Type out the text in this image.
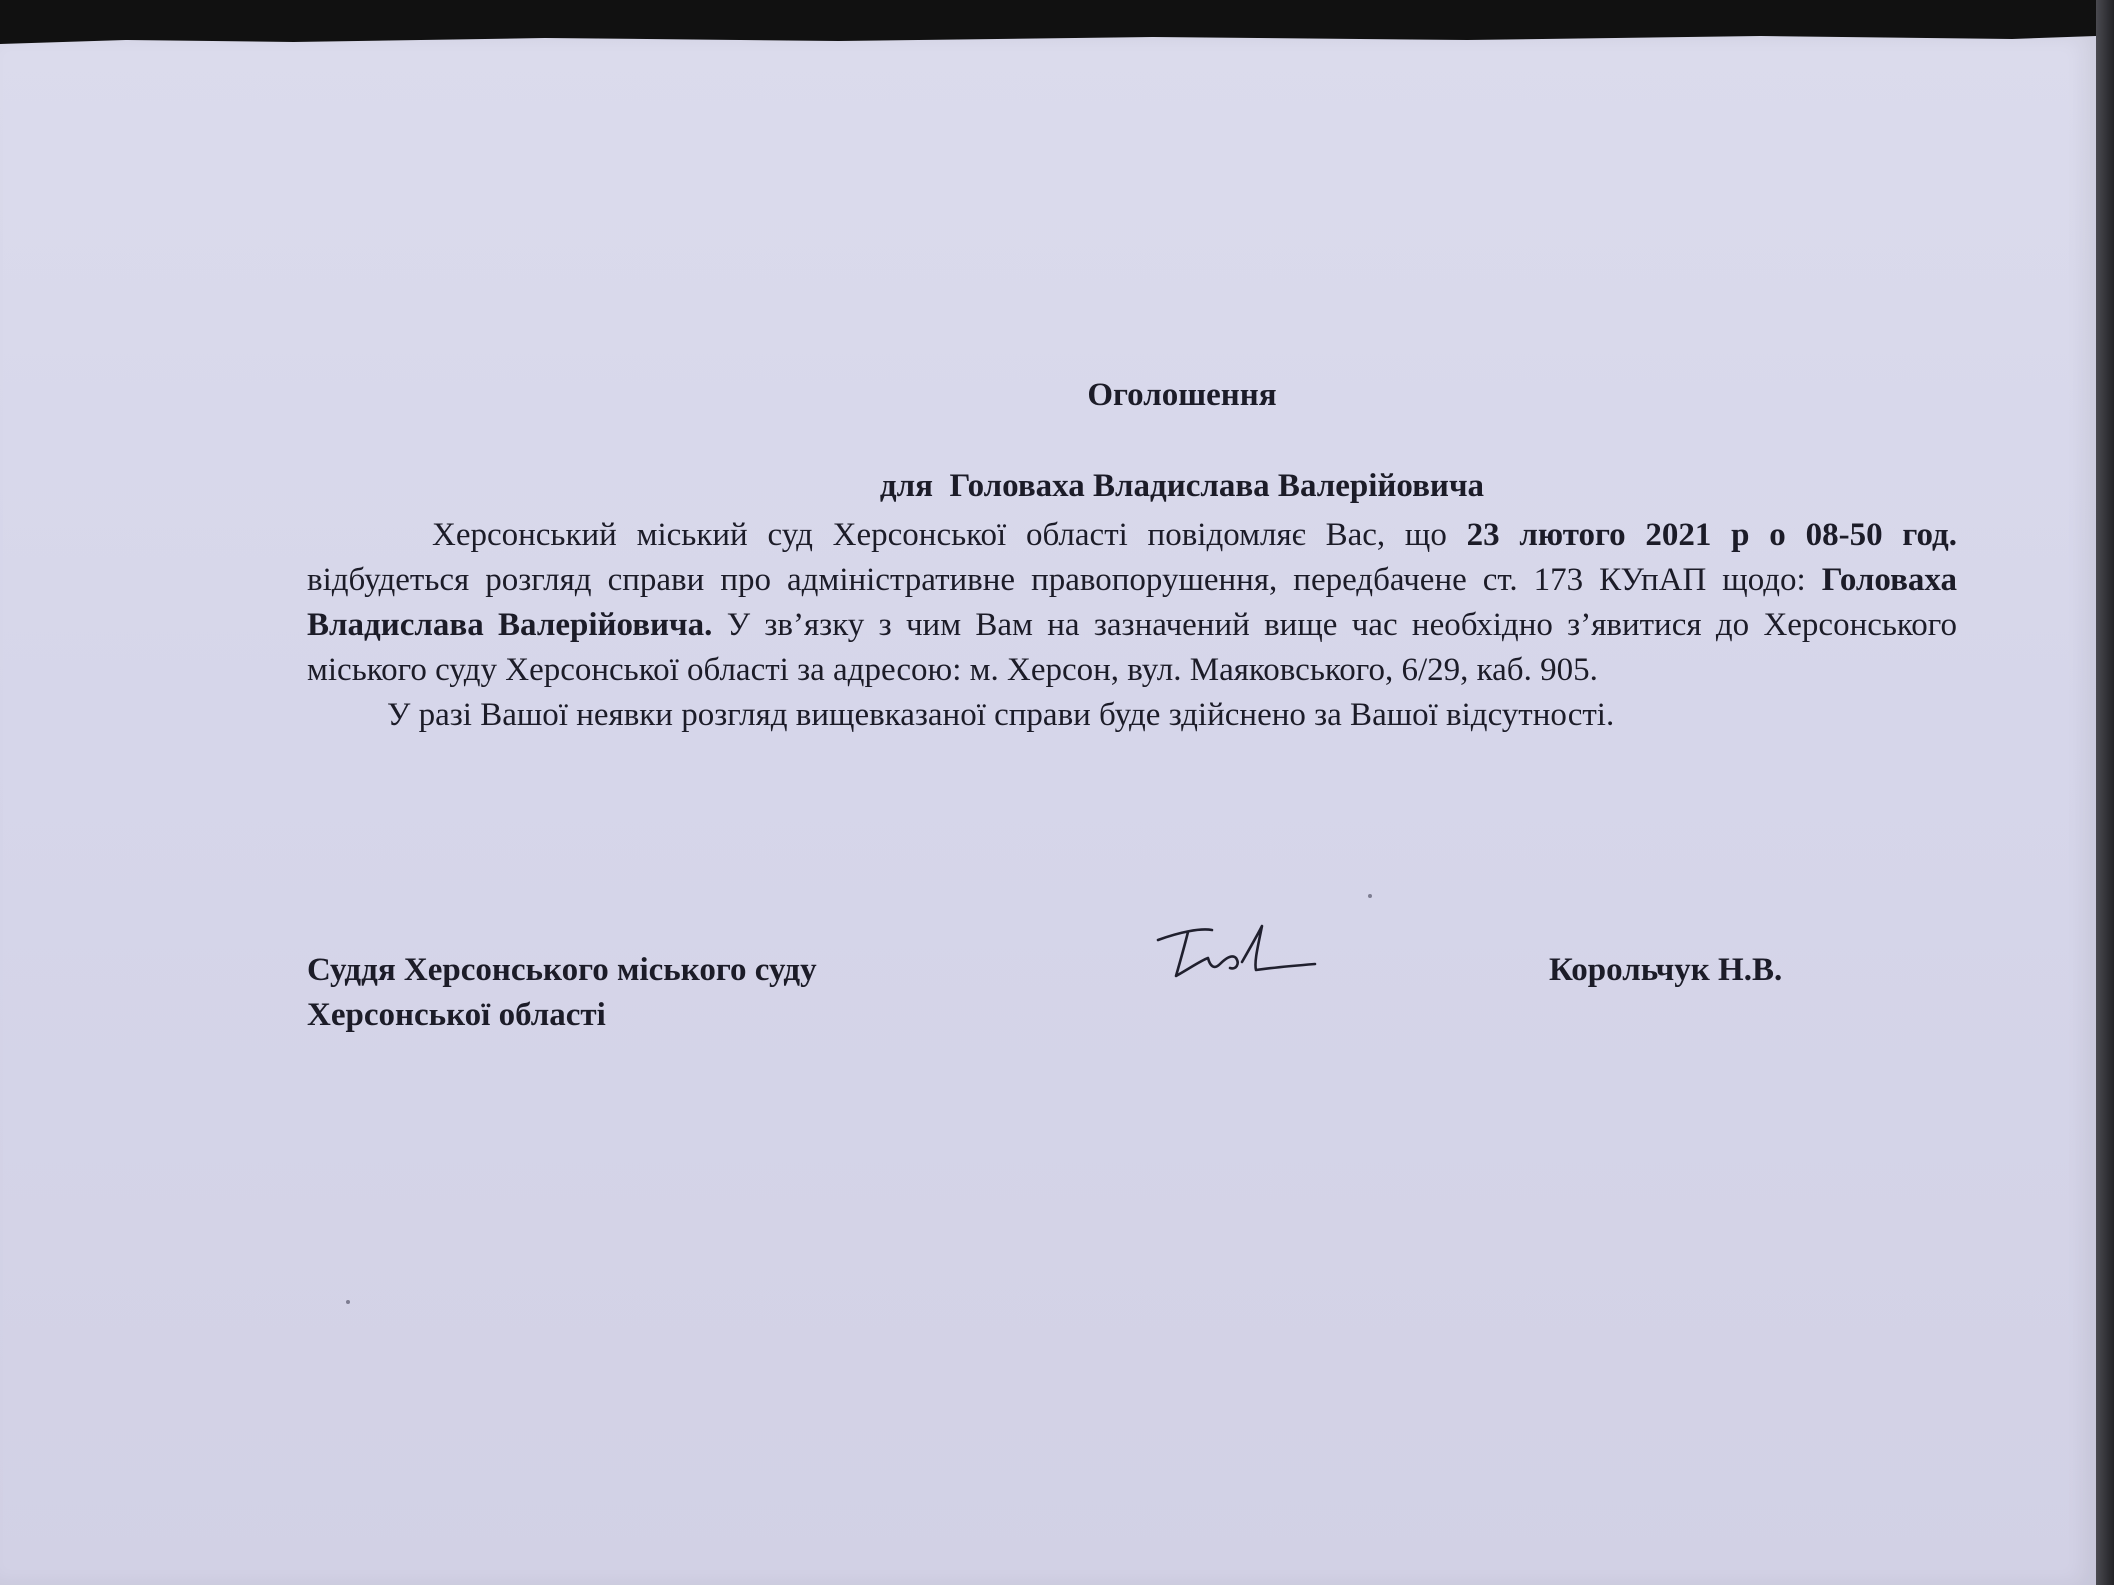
Оголошення
для  Головаха Владислава Валерійовича

Херсонський міський суд Херсонської області повідомляє Вас, що 23 лютого 2021 р о 08-50 год. відбудеться розгляд справи про адміністративне правопорушення, передбачене ст. 173 КУпАП щодо: Головаха Владислава Валерійовича. У зв’язку з чим Вам на зазначений вище час необхідно з’явитися до Херсонського міського суду Херсонської області за адресою: м. Херсон, вул. Маяковського, 6/29, каб. 905.

У разі Вашої неявки розгляд вищевказаної справи буде здійснено за Вашої відсутності.

Суддя Херсонського міського суду
Херсонської області
Корольчук Н.В.
